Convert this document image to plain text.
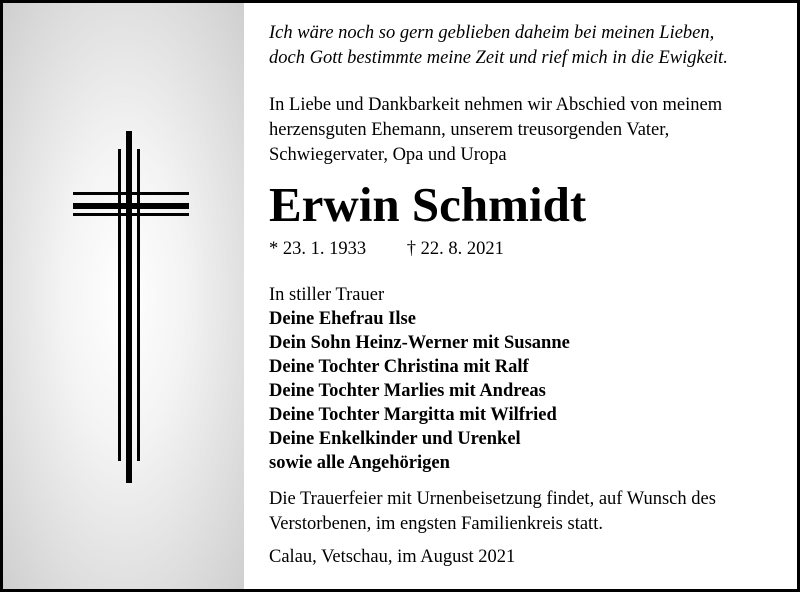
Ich wäre noch so gern geblieben daheim bei meinen Lieben,
doch Gott bestimmte meine Zeit und rief mich in die Ewigkeit.
In Liebe und Dankbarkeit nehmen wir Abschied von meinem
herzensguten Ehemann, unserem treusorgenden Vater,
Schwiegervater, Opa und Uropa
Erwin Schmidt
* 23. 1. 1933 † 22. 8. 2021
In stiller Trauer
Deine Ehefrau Ilse
Dein Sohn Heinz-Werner mit Susanne
Deine Tochter Christina mit Ralf
Deine Tochter Marlies mit Andreas
Deine Tochter Margitta mit Wilfried
Deine Enkelkinder und Urenkel
sowie alle Angehörigen
Die Trauerfeier mit Urnenbeisetzung findet, auf Wunsch des
Verstorbenen, im engsten Familienkreis statt.
Calau, Vetschau, im August 2021
